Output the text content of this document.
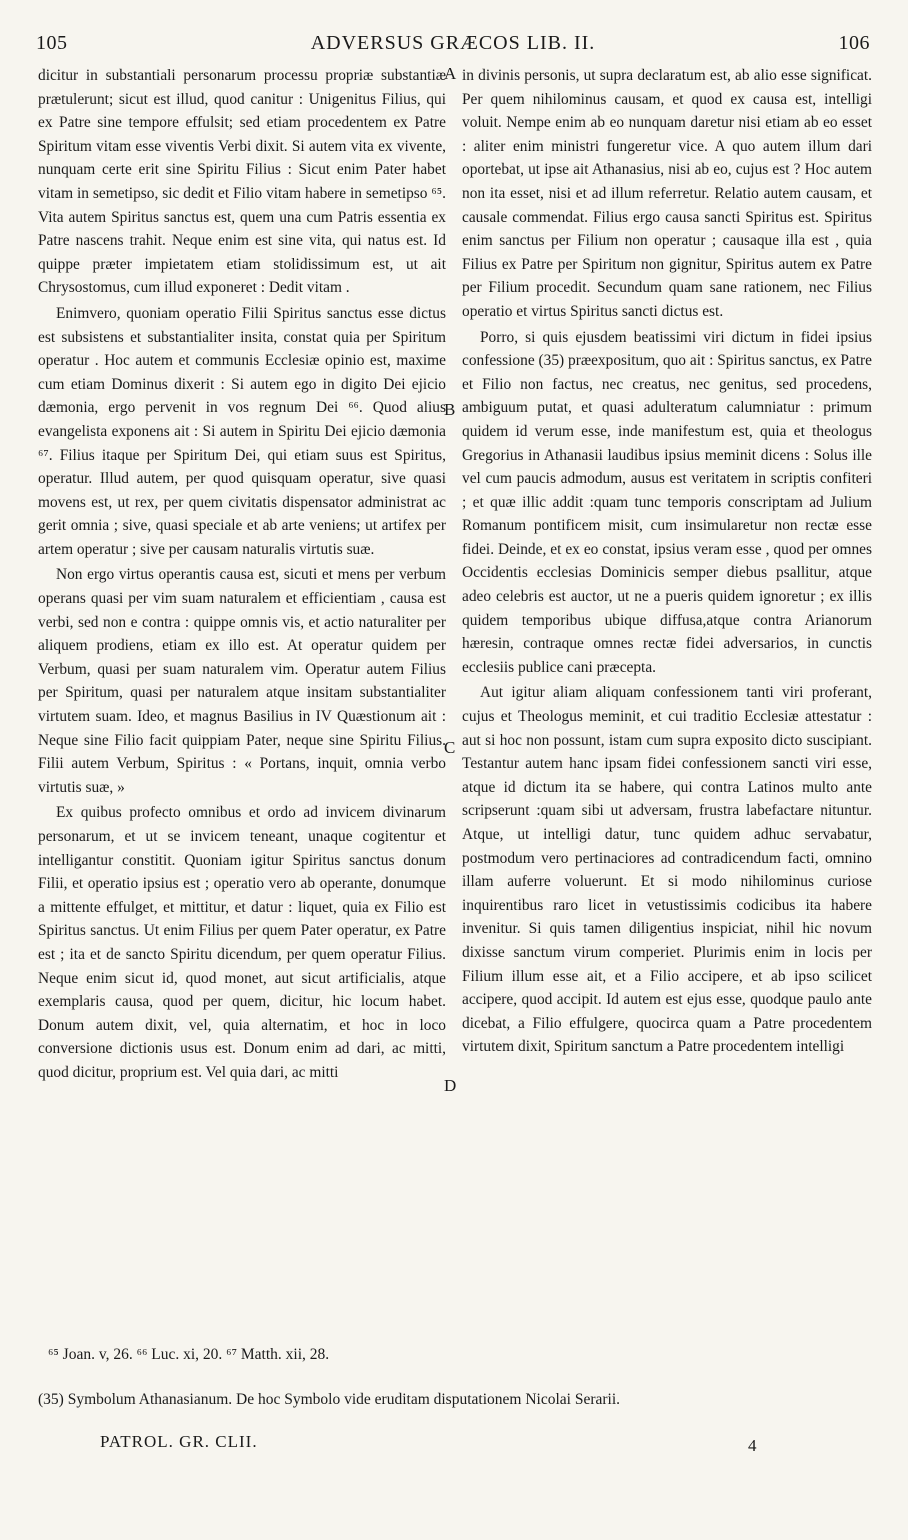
105	ADVERSUS GRÆCOS LIB. II.	106

dicitur in substantiali personarum processu propriæ substantiæ prætulerunt; sicut est illud, quod canitur : Unigenitus Filius, qui ex Patre sine tempore effulsit; sed etiam procedentem ex Patre Spiritum vitam esse viventis Verbi dixit. Si autem vita ex vivente, nunquam certe erit sine Spiritu Filius : Sicut enim Pater habet vitam in semetipso, sic dedit et Filio vitam habere in semetipso ⁶⁵. Vita autem Spiritus sanctus est, quem una cum Patris essentia ex Patre nascens trahit. Neque enim est sine vita, qui natus est. Id quippe præter impietatem etiam stolidissimum est, ut ait Chrysostomus, cum illud exponeret : Dedit vitam .

Enimvero, quoniam operatio Filii Spiritus sanctus esse dictus est subsistens et substantialiter insita, constat quia per Spiritum operatur . Hoc autem et communis Ecclesiæ opinio est, maxime cum etiam Dominus dixerit : Si autem ego in digito Dei ejicio dæmonia, ergo pervenit in vos regnum Dei ⁶⁶. Quod alius evangelista exponens ait : Si autem in Spiritu Dei ejicio dæmonia ⁶⁷. Filius itaque per Spiritum Dei, qui etiam suus est Spiritus, operatur. Illud autem, per quod quisquam operatur, sive quasi movens est, ut rex, per quem civitatis dispensator administrat ac gerit omnia ; sive, quasi speciale et ab arte veniens; ut artifex per artem operatur ; sive per causam naturalis virtutis suæ.

Non ergo virtus operantis causa est, sicuti et mens per verbum operans quasi per vim suam naturalem et efficientiam , causa est verbi, sed non e contra : quippe omnis vis, et actio naturaliter per aliquem prodiens, etiam ex illo est. At operatur quidem per Verbum, quasi per suam naturalem vim. Operatur autem Filius per Spiritum, quasi per naturalem atque insitam substantialiter virtutem suam. Ideo, et magnus Basilius in IV Quæstionum ait : Neque sine Filio facit quippiam Pater, neque sine Spiritu Filius. Filii autem Verbum, Spiritus : « Portans, inquit, omnia verbo virtutis suæ, »

Ex quibus profecto omnibus et ordo ad invicem divinarum personarum, et ut se invicem teneant, unaque cogitentur et intelligantur constitit. Quoniam igitur Spiritus sanctus donum Filii, et operatio ipsius est ; operatio vero ab operante, donumque a mittente effulget, et mittitur, et datur : liquet, quia ex Filio est Spiritus sanctus. Ut enim Filius per quem Pater operatur, ex Patre est ; ita et de sancto Spiritu dicendum, per quem operatur Filius. Neque enim sicut id, quod monet, aut sicut artificialis, atque exemplaris causa, quod per quem, dicitur, hic locum habet. Donum autem dixit, vel, quia alternatim, et hoc in loco conversione dictionis usus est. Donum enim ad dari, ac mitti, quod dicitur, proprium est. Vel quia dari, ac mitti

A
B
C
D

in divinis personis, ut supra declaratum est, ab alio esse significat. Per quem nihilominus causam, et quod ex causa est, intelligi voluit. Nempe enim ab eo nunquam daretur nisi etiam ab eo esset : aliter enim ministri fungeretur vice. A quo autem illum dari oportebat, ut ipse ait Athanasius, nisi ab eo, cujus est ? Hoc autem non ita esset, nisi et ad illum referretur. Relatio autem causam, et causale commendat. Filius ergo causa sancti Spiritus est. Spiritus enim sanctus per Filium non operatur ; causaque illa est , quia Filius ex Patre per Spiritum non gignitur, Spiritus autem ex Patre per Filium procedit. Secundum quam sane rationem, nec Filius operatio et virtus Spiritus sancti dictus est.

Porro, si quis ejusdem beatissimi viri dictum in fidei ipsius confessione (35) præexpositum, quo ait : Spiritus sanctus, ex Patre et Filio non factus, nec creatus, nec genitus, sed procedens, ambiguum putat, et quasi adulteratum calumniatur : primum quidem id verum esse, inde manifestum est, quia et theologus Gregorius in Athanasii laudibus ipsius meminit dicens : Solus ille vel cum paucis admodum, ausus est veritatem in scriptis confiteri ; et quæ illic addit :quam tunc temporis conscriptam ad Julium Romanum pontificem misit, cum insimularetur non rectæ esse fidei. Deinde, et ex eo constat, ipsius veram esse , quod per omnes Occidentis ecclesias Dominicis semper diebus psallitur, atque adeo celebris est auctor, ut ne a pueris quidem ignoretur ; ex illis quidem temporibus ubique diffusa,atque contra Arianorum hæresin, contraque omnes rectæ fidei adversarios, in cunctis ecclesiis publice cani præcepta.

Aut igitur aliam aliquam confessionem tanti viri proferant, cujus et Theologus meminit, et cui traditio Ecclesiæ attestatur : aut si hoc non possunt, istam cum supra exposito dicto suscipiant. Testantur autem hanc ipsam fidei confessionem sancti viri esse, atque id dictum ita se habere, qui contra Latinos multo ante scripserunt :quam sibi ut adversam, frustra labefactare nituntur. Atque, ut intelligi datur, tunc quidem adhuc servabatur, postmodum vero pertinaciores ad contradicendum facti, omnino illam auferre voluerunt. Et si modo nihilominus curiose inquirentibus raro licet in vetustissimis codicibus ita habere invenitur. Si quis tamen diligentius inspiciat, nihil hic novum dixisse sanctum virum comperiet. Plurimis enim in locis per Filium illum esse ait, et a Filio accipere, et ab ipso scilicet accipere, quod accipit. Id autem est ejus esse, quodque paulo ante dicebat, a Filio effulgere, quocirca quam a Patre procedentem virtutem dixit, Spiritum sanctum a Patre procedentem intelligi

⁶⁵ Joan. v, 26. ⁶⁶ Luc. xi, 20. ⁶⁷ Matth. xii, 28.
(35) Symbolum Athanasianum. De hoc Symbolo vide eruditam disputationem Nicolai Serarii.
PATROL. GR. CLII.	4
